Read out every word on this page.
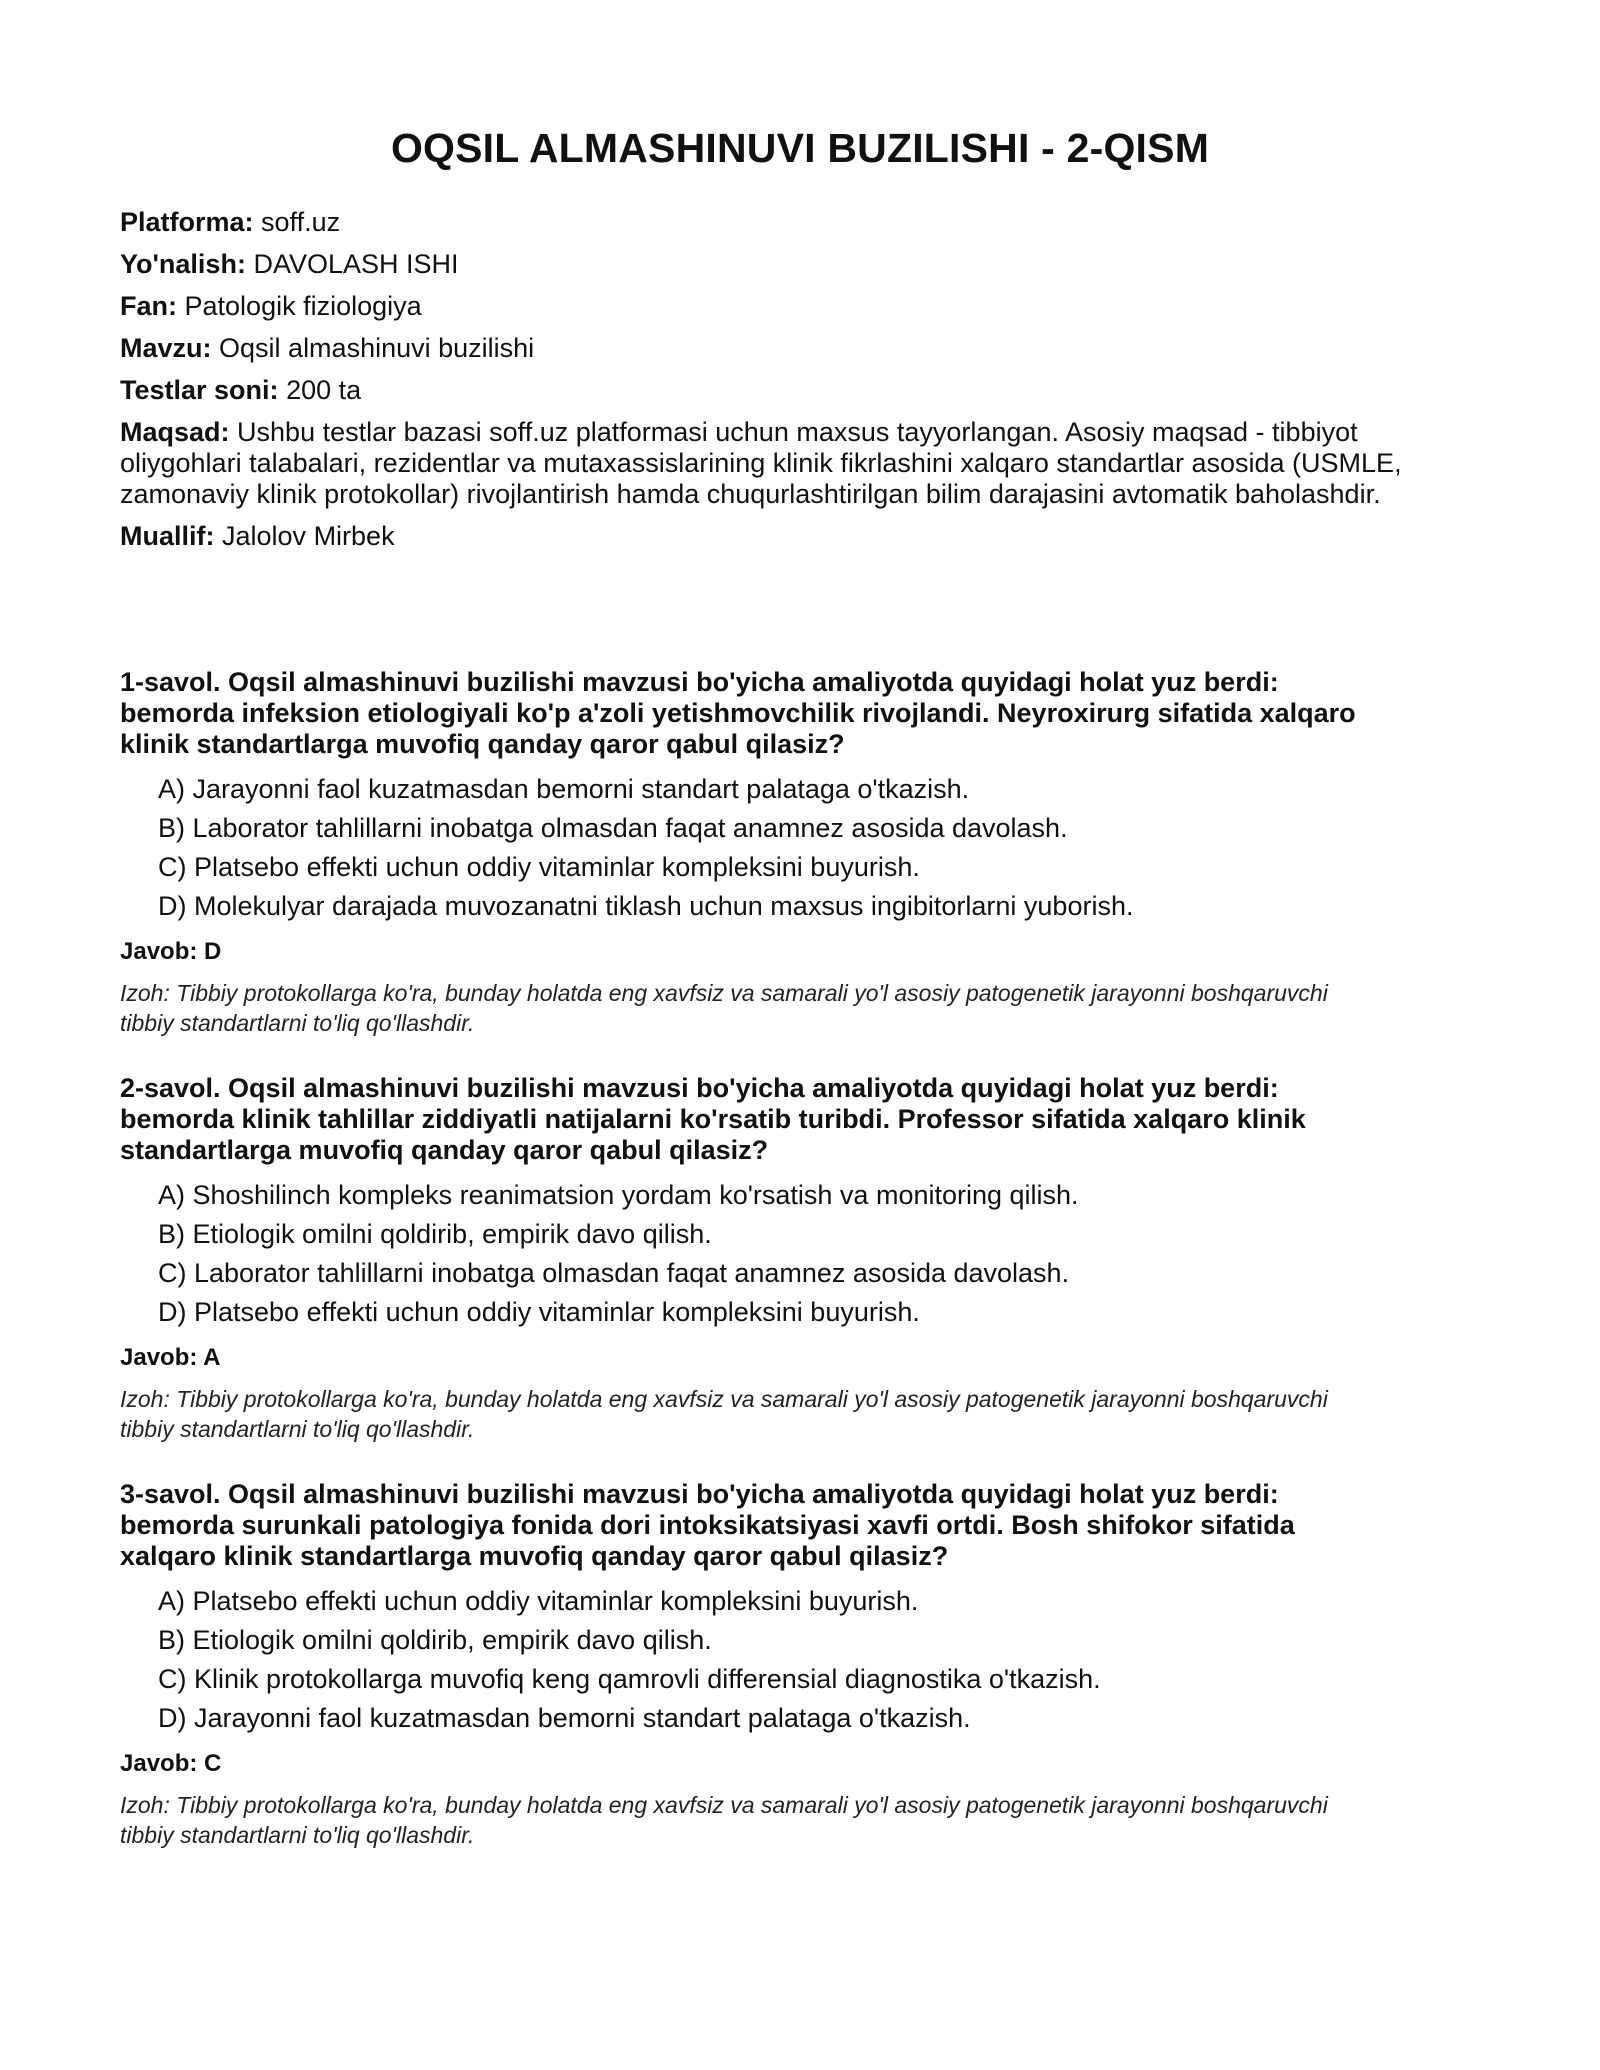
OQSIL ALMASHINUVI BUZILISHI - 2-QISM
Platforma: soff.uz
Yo'nalish: DAVOLASH ISHI
Fan: Patologik fiziologiya
Mavzu: Oqsil almashinuvi buzilishi
Testlar soni: 200 ta
Maqsad: Ushbu testlar bazasi soff.uz platformasi uchun maxsus tayyorlangan. Asosiy maqsad - tibbiyot oliygohlari talabalari, rezidentlar va mutaxassislarining klinik fikrlashini xalqaro standartlar asosida (USMLE, zamonaviy klinik protokollar) rivojlantirish hamda chuqurlashtirilgan bilim darajasini avtomatik baholashdir.
Muallif: Jalolov Mirbek

1-savol. Oqsil almashinuvi buzilishi mavzusi bo'yicha amaliyotda quyidagi holat yuz berdi: bemorda infeksion etiologiyali ko'p a'zoli yetishmovchilik rivojlandi. Neyroxirurg sifatida xalqaro klinik standartlarga muvofiq qanday qaror qabul qilasiz?

A) Jarayonni faol kuzatmasdan bemorni standart palataga o'tkazish.
B) Laborator tahlillarni inobatga olmasdan faqat anamnez asosida davolash.
C) Platsebo effekti uchun oddiy vitaminlar kompleksini buyurish.
D) Molekulyar darajada muvozanatni tiklash uchun maxsus ingibitorlarni yuborish.
Javob: D
Izoh: Tibbiy protokollarga ko'ra, bunday holatda eng xavfsiz va samarali yo'l asosiy patogenetik jarayonni boshqaruvchi tibbiy standartlarni to'liq qo'llashdir.

2-savol. Oqsil almashinuvi buzilishi mavzusi bo'yicha amaliyotda quyidagi holat yuz berdi: bemorda klinik tahlillar ziddiyatli natijalarni ko'rsatib turibdi. Professor sifatida xalqaro klinik standartlarga muvofiq qanday qaror qabul qilasiz?

A) Shoshilinch kompleks reanimatsion yordam ko'rsatish va monitoring qilish.
B) Etiologik omilni qoldirib, empirik davo qilish.
C) Laborator tahlillarni inobatga olmasdan faqat anamnez asosida davolash.
D) Platsebo effekti uchun oddiy vitaminlar kompleksini buyurish.
Javob: A
Izoh: Tibbiy protokollarga ko'ra, bunday holatda eng xavfsiz va samarali yo'l asosiy patogenetik jarayonni boshqaruvchi tibbiy standartlarni to'liq qo'llashdir.

3-savol. Oqsil almashinuvi buzilishi mavzusi bo'yicha amaliyotda quyidagi holat yuz berdi: bemorda surunkali patologiya fonida dori intoksikatsiyasi xavfi ortdi. Bosh shifokor sifatida xalqaro klinik standartlarga muvofiq qanday qaror qabul qilasiz?

A) Platsebo effekti uchun oddiy vitaminlar kompleksini buyurish.
B) Etiologik omilni qoldirib, empirik davo qilish.
C) Klinik protokollarga muvofiq keng qamrovli differensial diagnostika o'tkazish.
D) Jarayonni faol kuzatmasdan bemorni standart palataga o'tkazish.
Javob: C
Izoh: Tibbiy protokollarga ko'ra, bunday holatda eng xavfsiz va samarali yo'l asosiy patogenetik jarayonni boshqaruvchi tibbiy standartlarni to'liq qo'llashdir.
